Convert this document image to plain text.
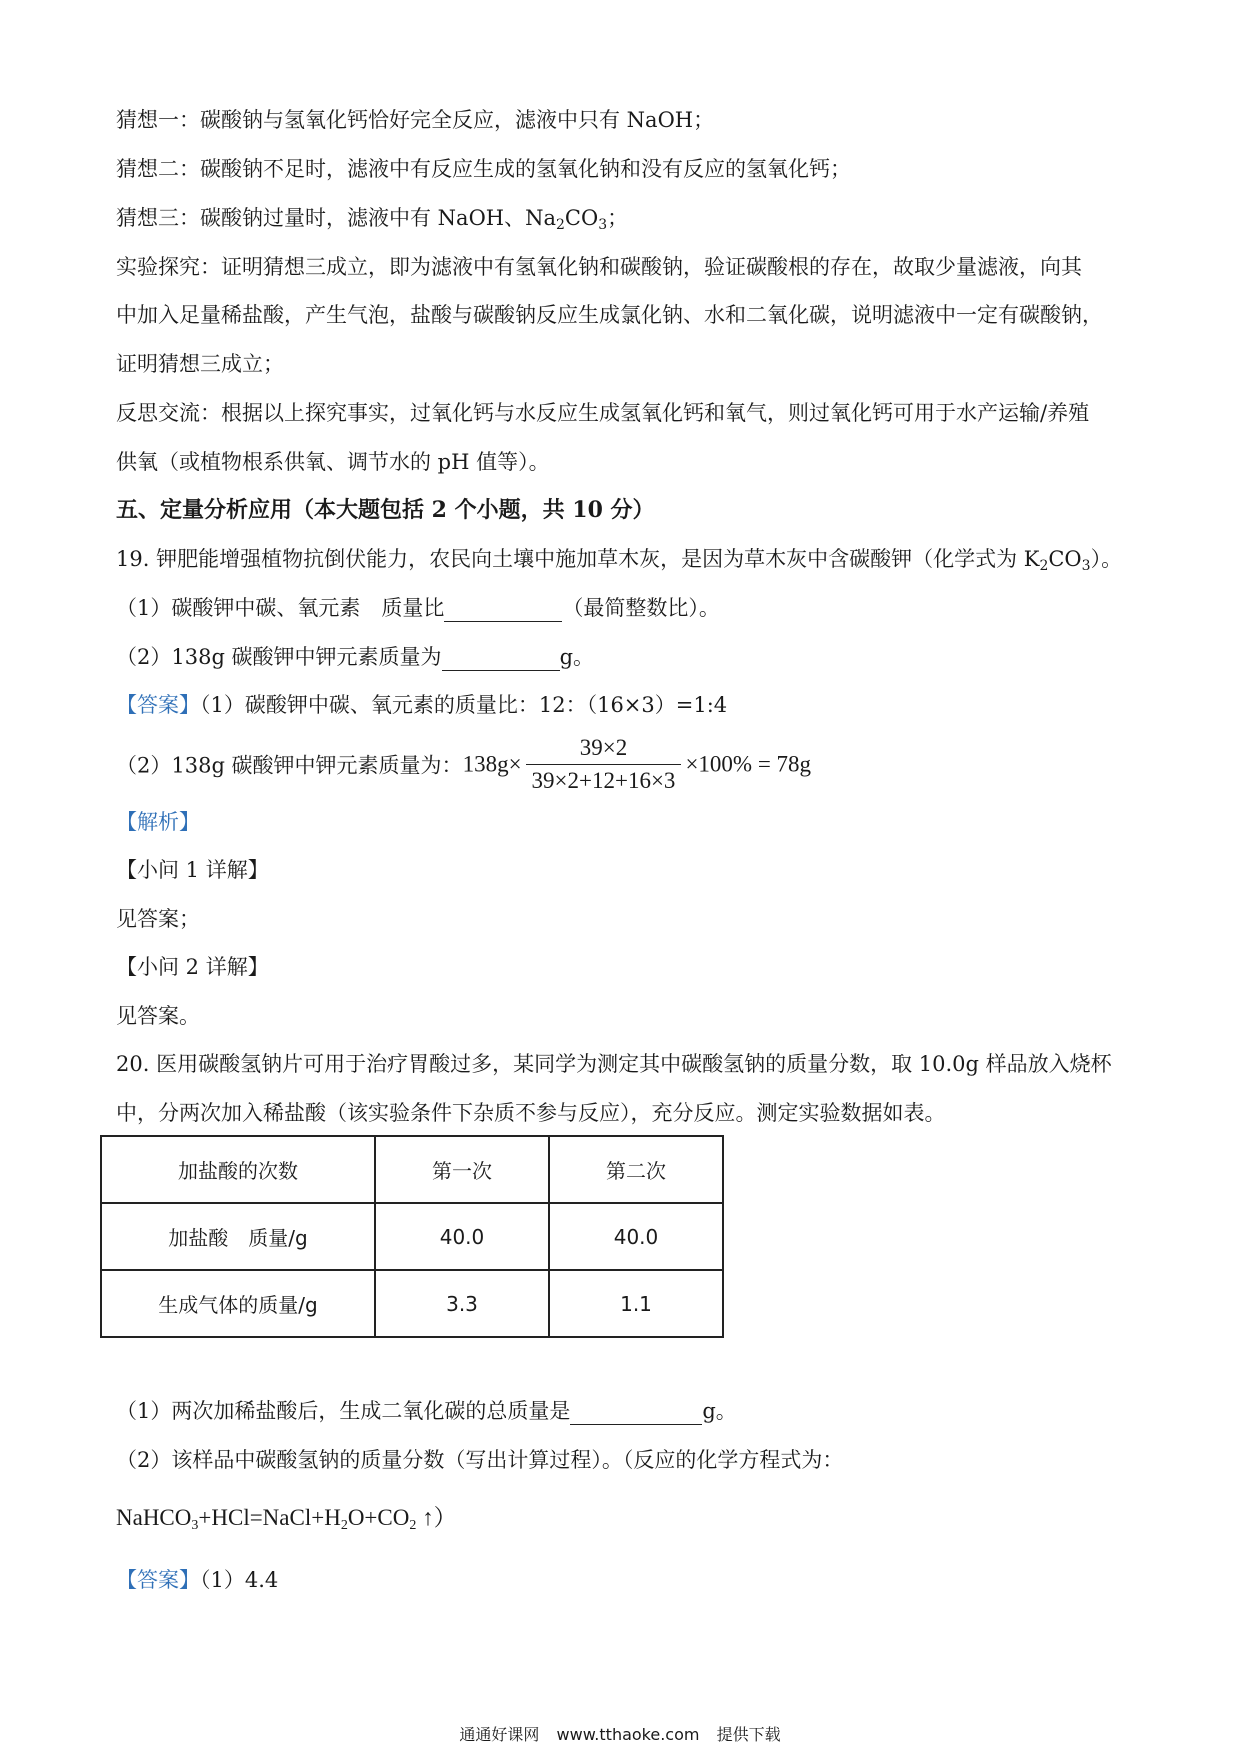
猜想一：碳酸钠与氢氧化钙恰好完全反应，滤液中只有 NaOH；
猜想二：碳酸钠不足时，滤液中有反应生成的氢氧化钠和没有反应的氢氧化钙；
猜想三：碳酸钠过量时，滤液中有 NaOH、$Na_2CO_3$；
实验探究：证明猜想三成立，即为滤液中有氢氧化钠和碳酸钠，验证碳酸根的存在，故取少量滤液，向其
中加入足量稀盐酸，产生气泡，盐酸与碳酸钠反应生成氯化钠、水和二氧化碳，说明滤液中一定有碳酸钠，
证明猜想三成立；
反思交流：根据以上探究事实，过氧化钙与水反应生成氢氧化钙和氧气，则过氧化钙可用于水产运输/养殖
供氧（或植物根系供氧、调节水的 pH 值等）。
五、定量分析应用（本大题包括 2 个小题，共 10 分）
19. 钾肥能增强植物抗倒伏能力，农民向土壤中施加草木灰，是因为草木灰中含碳酸钾（化学式为 $K_2CO_3$）。
（1）碳酸钾中碳、氧元素　质量比	（最简整数比）。
（2）138g 碳酸钾中钾元素质量为	g。
【答案】（1）碳酸钾中碳、氧元素的质量比：12：（16×3）=1:4
（2）138g 碳酸钾中钾元素质量为：$138g\times \frac{39\times 2}{39\times 2+12+16\times 3} \times 100\% = 78g$
【解析】
【小问 1 详解】
见答案；
【小问 2 详解】
见答案。
20. 医用碳酸氢钠片可用于治疗胃酸过多，某同学为测定其中碳酸氢钠的质量分数，取 10.0g 样品放入烧杯
中，分两次加入稀盐酸（该实验条件下杂质不参与反应），充分反应。测定实验数据如表。
加盐酸的次数	第一次	第二次
加盐酸　质量/g	40.0	40.0
生成气体的质量/g	3.3	1.1
（1）两次加稀盐酸后，生成二氧化碳的总质量是	g。
（2）该样品中碳酸氢钠的质量分数（写出计算过程）。（反应的化学方程式为：
$NaHCO_3+HCl=NaCl+H_2O+CO_2$ ↑）
【答案】（1）4.4
通通好课网 www.tthaoke.com 提供下载
